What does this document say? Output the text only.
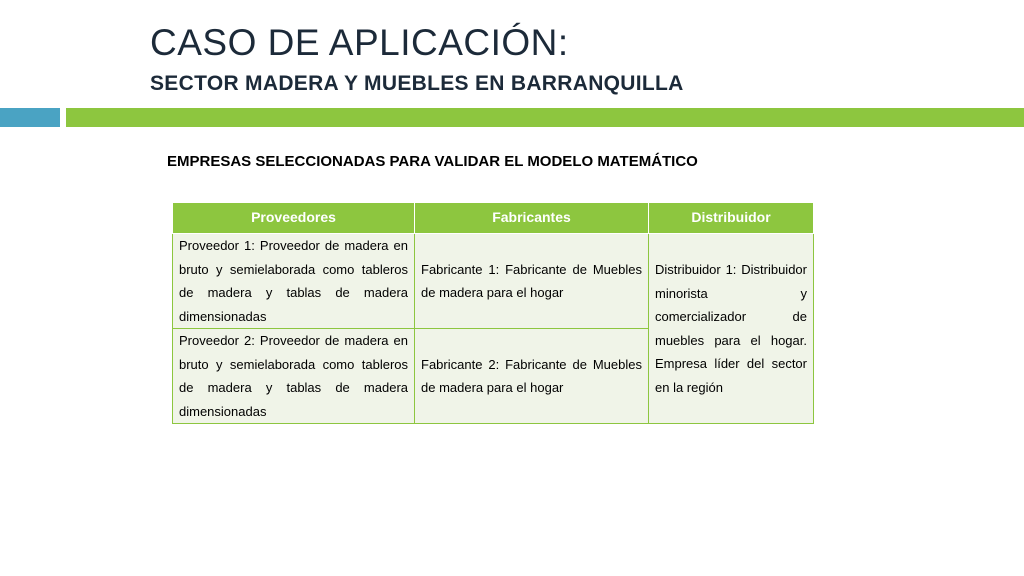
CASO DE APLICACIÓN:
SECTOR MADERA Y MUEBLES EN BARRANQUILLA
EMPRESAS SELECCIONADAS PARA VALIDAR EL MODELO MATEMÁTICO
Proveedores	Fabricantes	Distribuidor
Proveedor 1: Proveedor de madera en bruto y semielaborada como tableros de madera y tablas de madera dimensionadas	Fabricante 1: Fabricante de Muebles de madera para el hogar	Distribuidor 1: Distribuidor minorista y comercializador de muebles para el hogar. Empresa líder del sector en la región
Proveedor 2: Proveedor de madera en bruto y semielaborada como tableros de madera y tablas de madera dimensionadas	Fabricante 2: Fabricante de Muebles de madera para el hogar	
